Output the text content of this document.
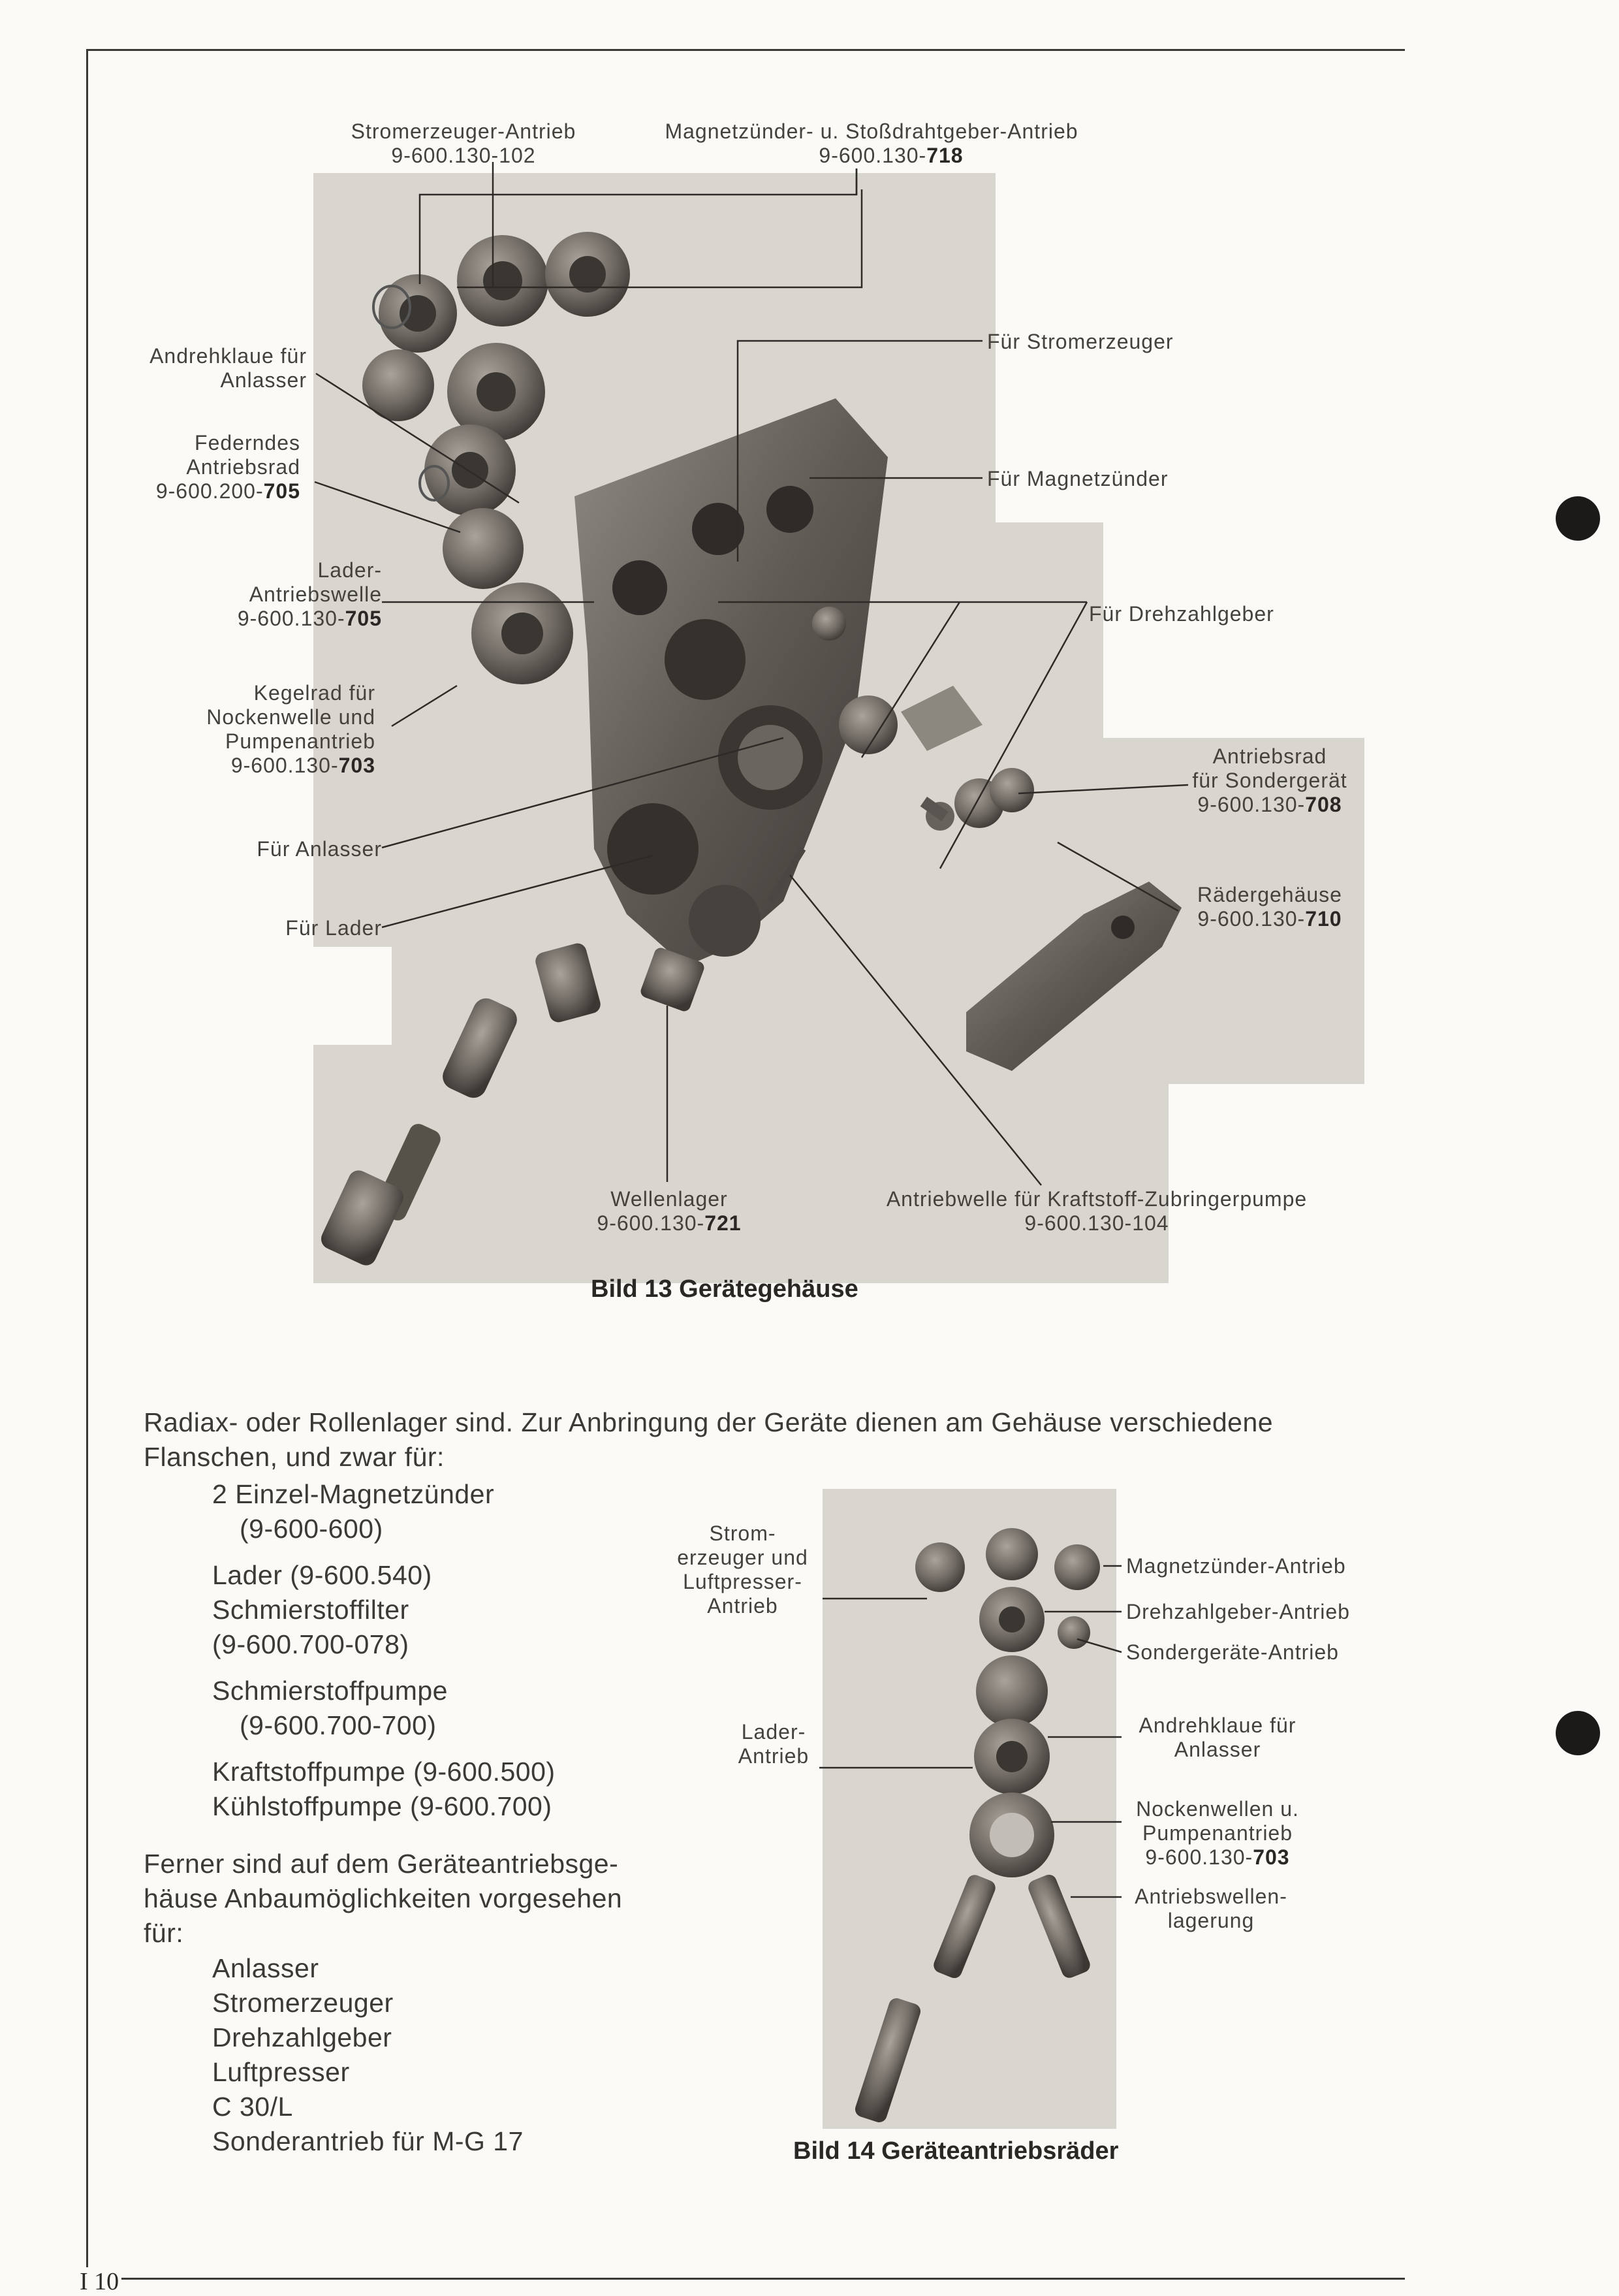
Stromerzeuger-Antrieb
9-600.130-102
Magnetzünder- u. Stoßdrahtgeber-Antrieb
9-600.130-718
Andrehklaue für
Anlasser
Federndes
Antriebsrad
9-600.200-705
Lader-
Antriebswelle
9-600.130-705
Kegelrad für
Nockenwelle und
Pumpenantrieb
9-600.130-703
Für Anlasser
Für Lader
Für Stromerzeuger
Für Magnetzünder
Für Drehzahlgeber
Antriebsrad
für Sondergerät
9-600.130-708
Rädergehäuse
9-600.130-710
Wellenlager
9-600.130-721
Antriebwelle für Kraftstoff-Zubringerpumpe
9-600.130-104
Bild 13 Gerätegehäuse
Radiax- oder Rollenlager sind. Zur Anbringung der Geräte dienen am Gehäuse verschiedene
Flanschen, und zwar für:
2 Einzel-Magnetzünder
(9-600-600)
Lader (9-600.540)
Schmierstoffilter
(9-600.700-078)
Schmierstoffpumpe
(9-600.700-700)
Kraftstoffpumpe (9-600.500)
Kühlstoffpumpe (9-600.700)
Ferner sind auf dem Geräteantriebsge-
häuse Anbaumöglichkeiten vorgesehen
für:
Anlasser
Stromerzeuger
Drehzahlgeber
Luftpresser
C 30/L
Sonderantrieb für M-G 17
Strom-
erzeuger und
Luftpresser-
Antrieb
Lader-
Antrieb
Magnetzünder-Antrieb
Drehzahlgeber-Antrieb
Sondergeräte-Antrieb
Andrehklaue für
Anlasser
Nockenwellen u.
Pumpenantrieb
9-600.130-703
Antriebswellen-
lagerung
Bild 14 Geräteantriebsräder
I 10
